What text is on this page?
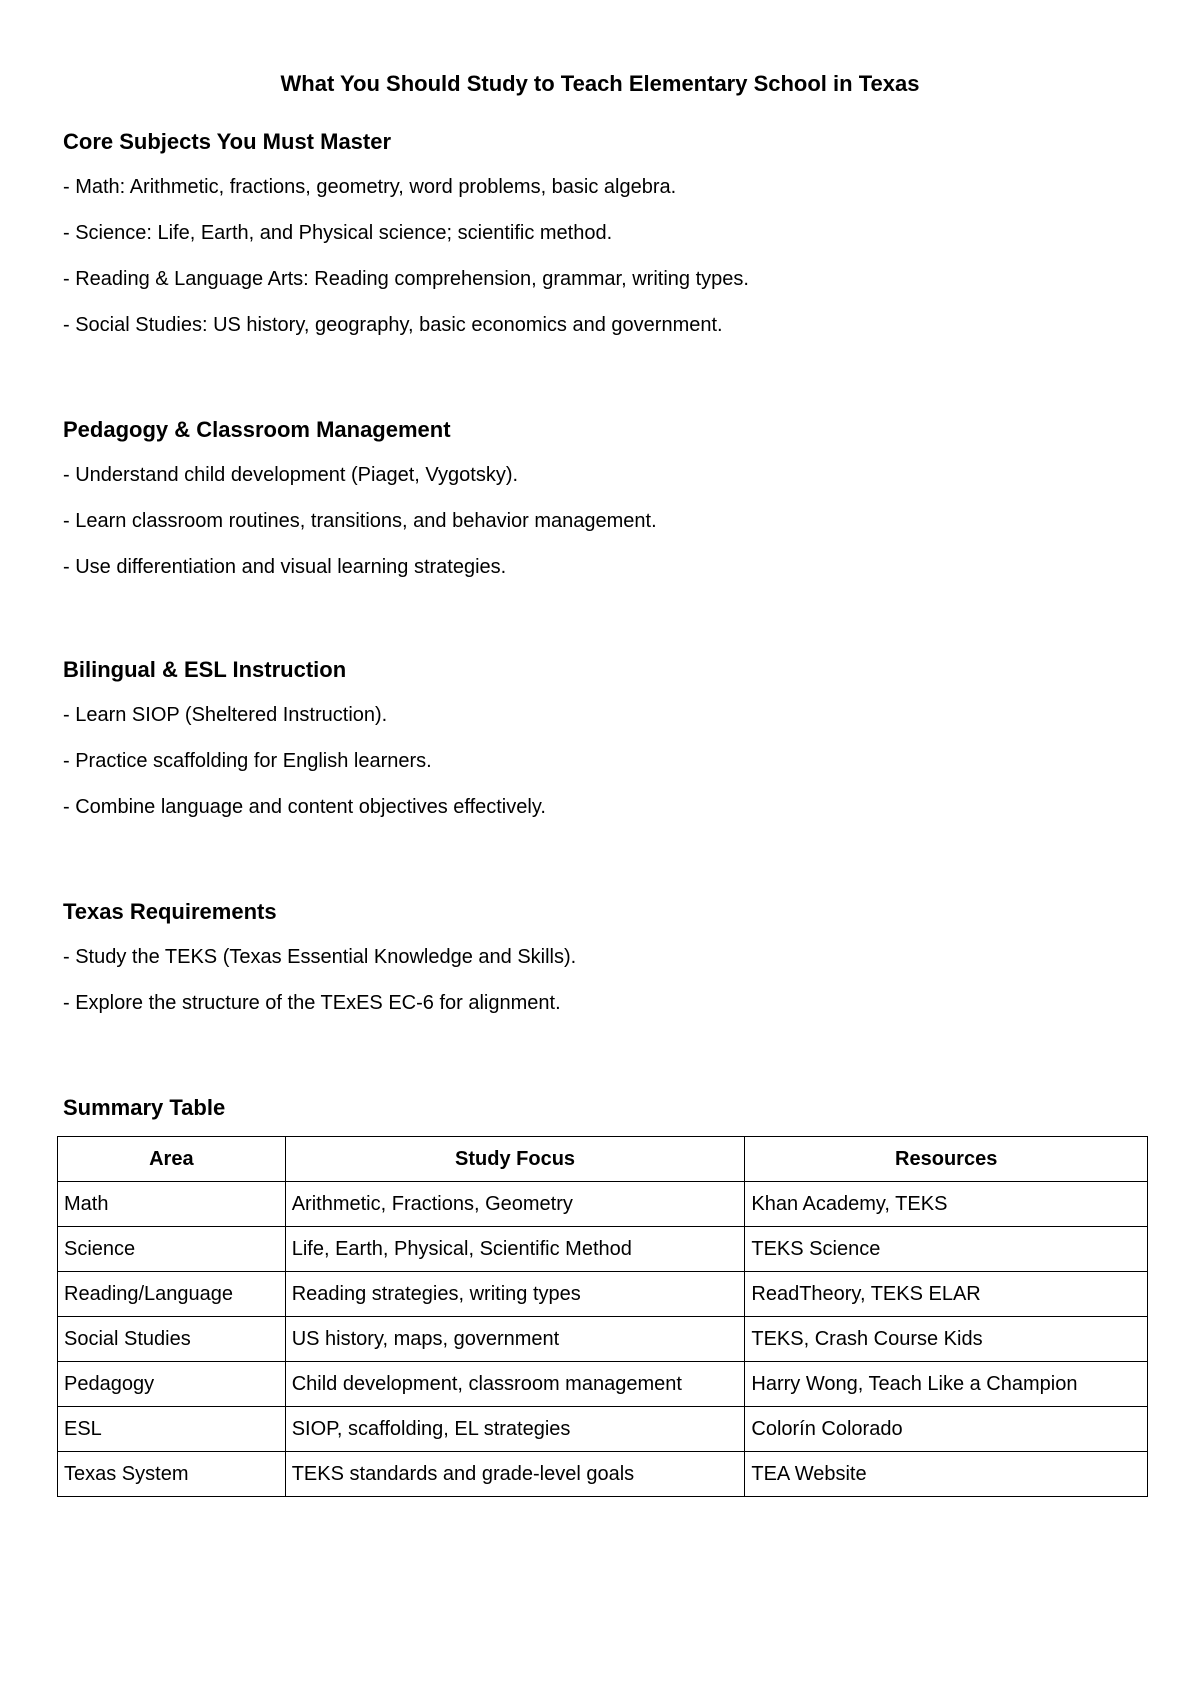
What You Should Study to Teach Elementary School in Texas
Core Subjects You Must Master

- Math: Arithmetic, fractions, geometry, word problems, basic algebra.

- Science: Life, Earth, and Physical science; scientific method.

- Reading & Language Arts: Reading comprehension, grammar, writing types.

- Social Studies: US history, geography, basic economics and government.

Pedagogy & Classroom Management

- Understand child development (Piaget, Vygotsky).

- Learn classroom routines, transitions, and behavior management.

- Use differentiation and visual learning strategies.

Bilingual & ESL Instruction

- Learn SIOP (Sheltered Instruction).

- Practice scaffolding for English learners.

- Combine language and content objectives effectively.

Texas Requirements

- Study the TEKS (Texas Essential Knowledge and Skills).

- Explore the structure of the TExES EC-6 for alignment.

Summary Table
Area	Study Focus	Resources
Math	Arithmetic, Fractions, Geometry	Khan Academy, TEKS
Science	Life, Earth, Physical, Scientific Method	TEKS Science
Reading/Language	Reading strategies, writing types	ReadTheory, TEKS ELAR
Social Studies	US history, maps, government	TEKS, Crash Course Kids
Pedagogy	Child development, classroom management	Harry Wong, Teach Like a Champion
ESL	SIOP, scaffolding, EL strategies	Colorín Colorado
Texas System	TEKS standards and grade-level goals	TEA Website
